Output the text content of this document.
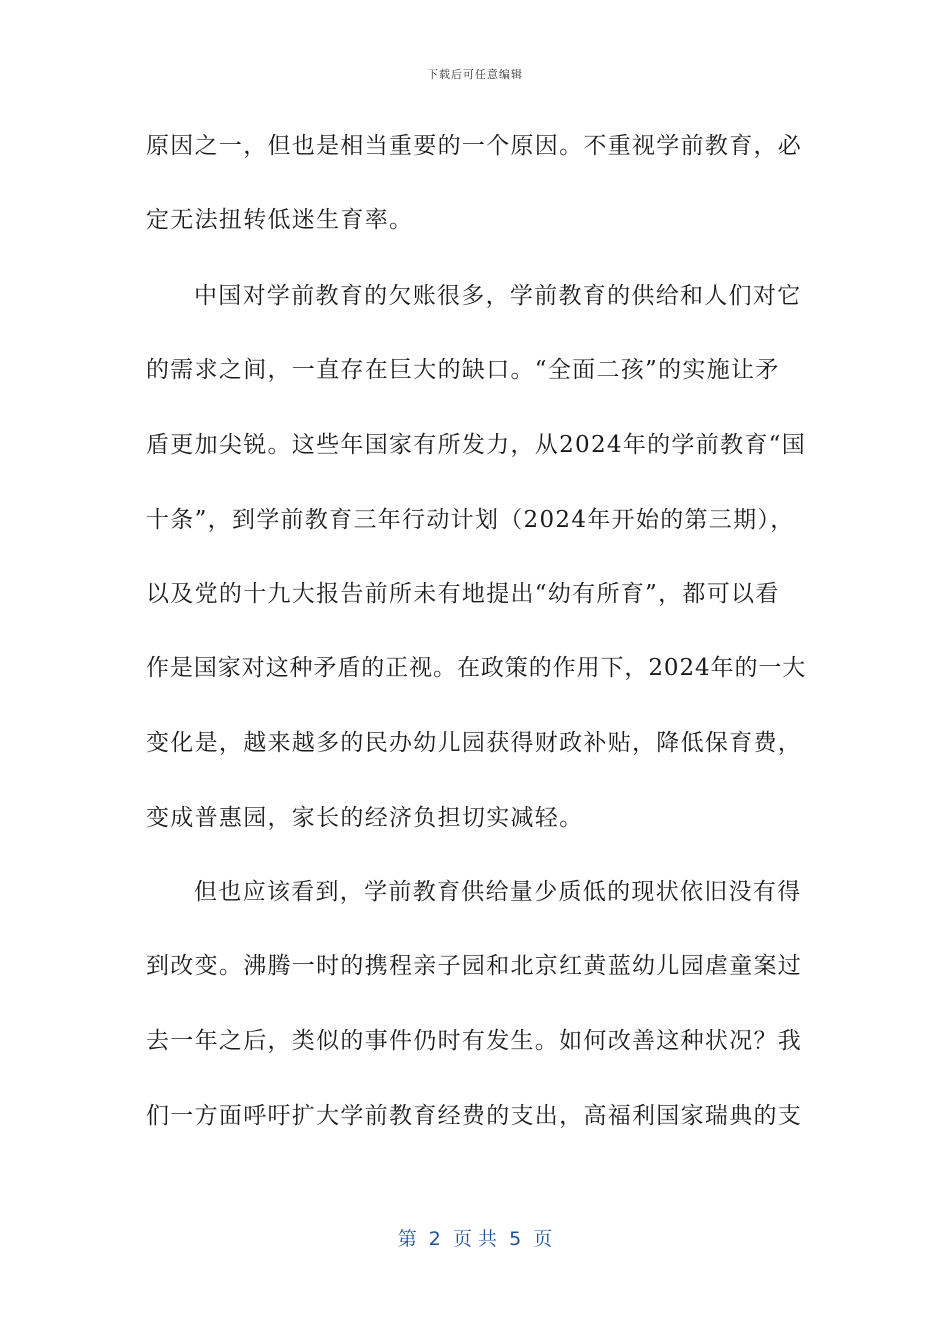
下载后可任意编辑
原因之一，但也是相当重要的一个原因。不重视学前教育，必
定无法扭转低迷生育率。
中国对学前教育的欠账很多，学前教育的供给和人们对它
的需求之间，一直存在巨大的缺口。“全面二孩”的实施让矛
盾更加尖锐。这些年国家有所发力，从2024年的学前教育“国
十条”，到学前教育三年行动计划（2024年开始的第三期），
以及党的十九大报告前所未有地提出“幼有所育”，都可以看
作是国家对这种矛盾的正视。在政策的作用下，2024年的一大
变化是，越来越多的民办幼儿园获得财政补贴，降低保育费，
变成普惠园，家长的经济负担切实减轻。
但也应该看到，学前教育供给量少质低的现状依旧没有得
到改变。沸腾一时的携程亲子园和北京红黄蓝幼儿园虐童案过
去一年之后，类似的事件仍时有发生。如何改善这种状况？我
们一方面呼吁扩大学前教育经费的支出，高福利国家瑞典的支
第  2  页 共  5  页
